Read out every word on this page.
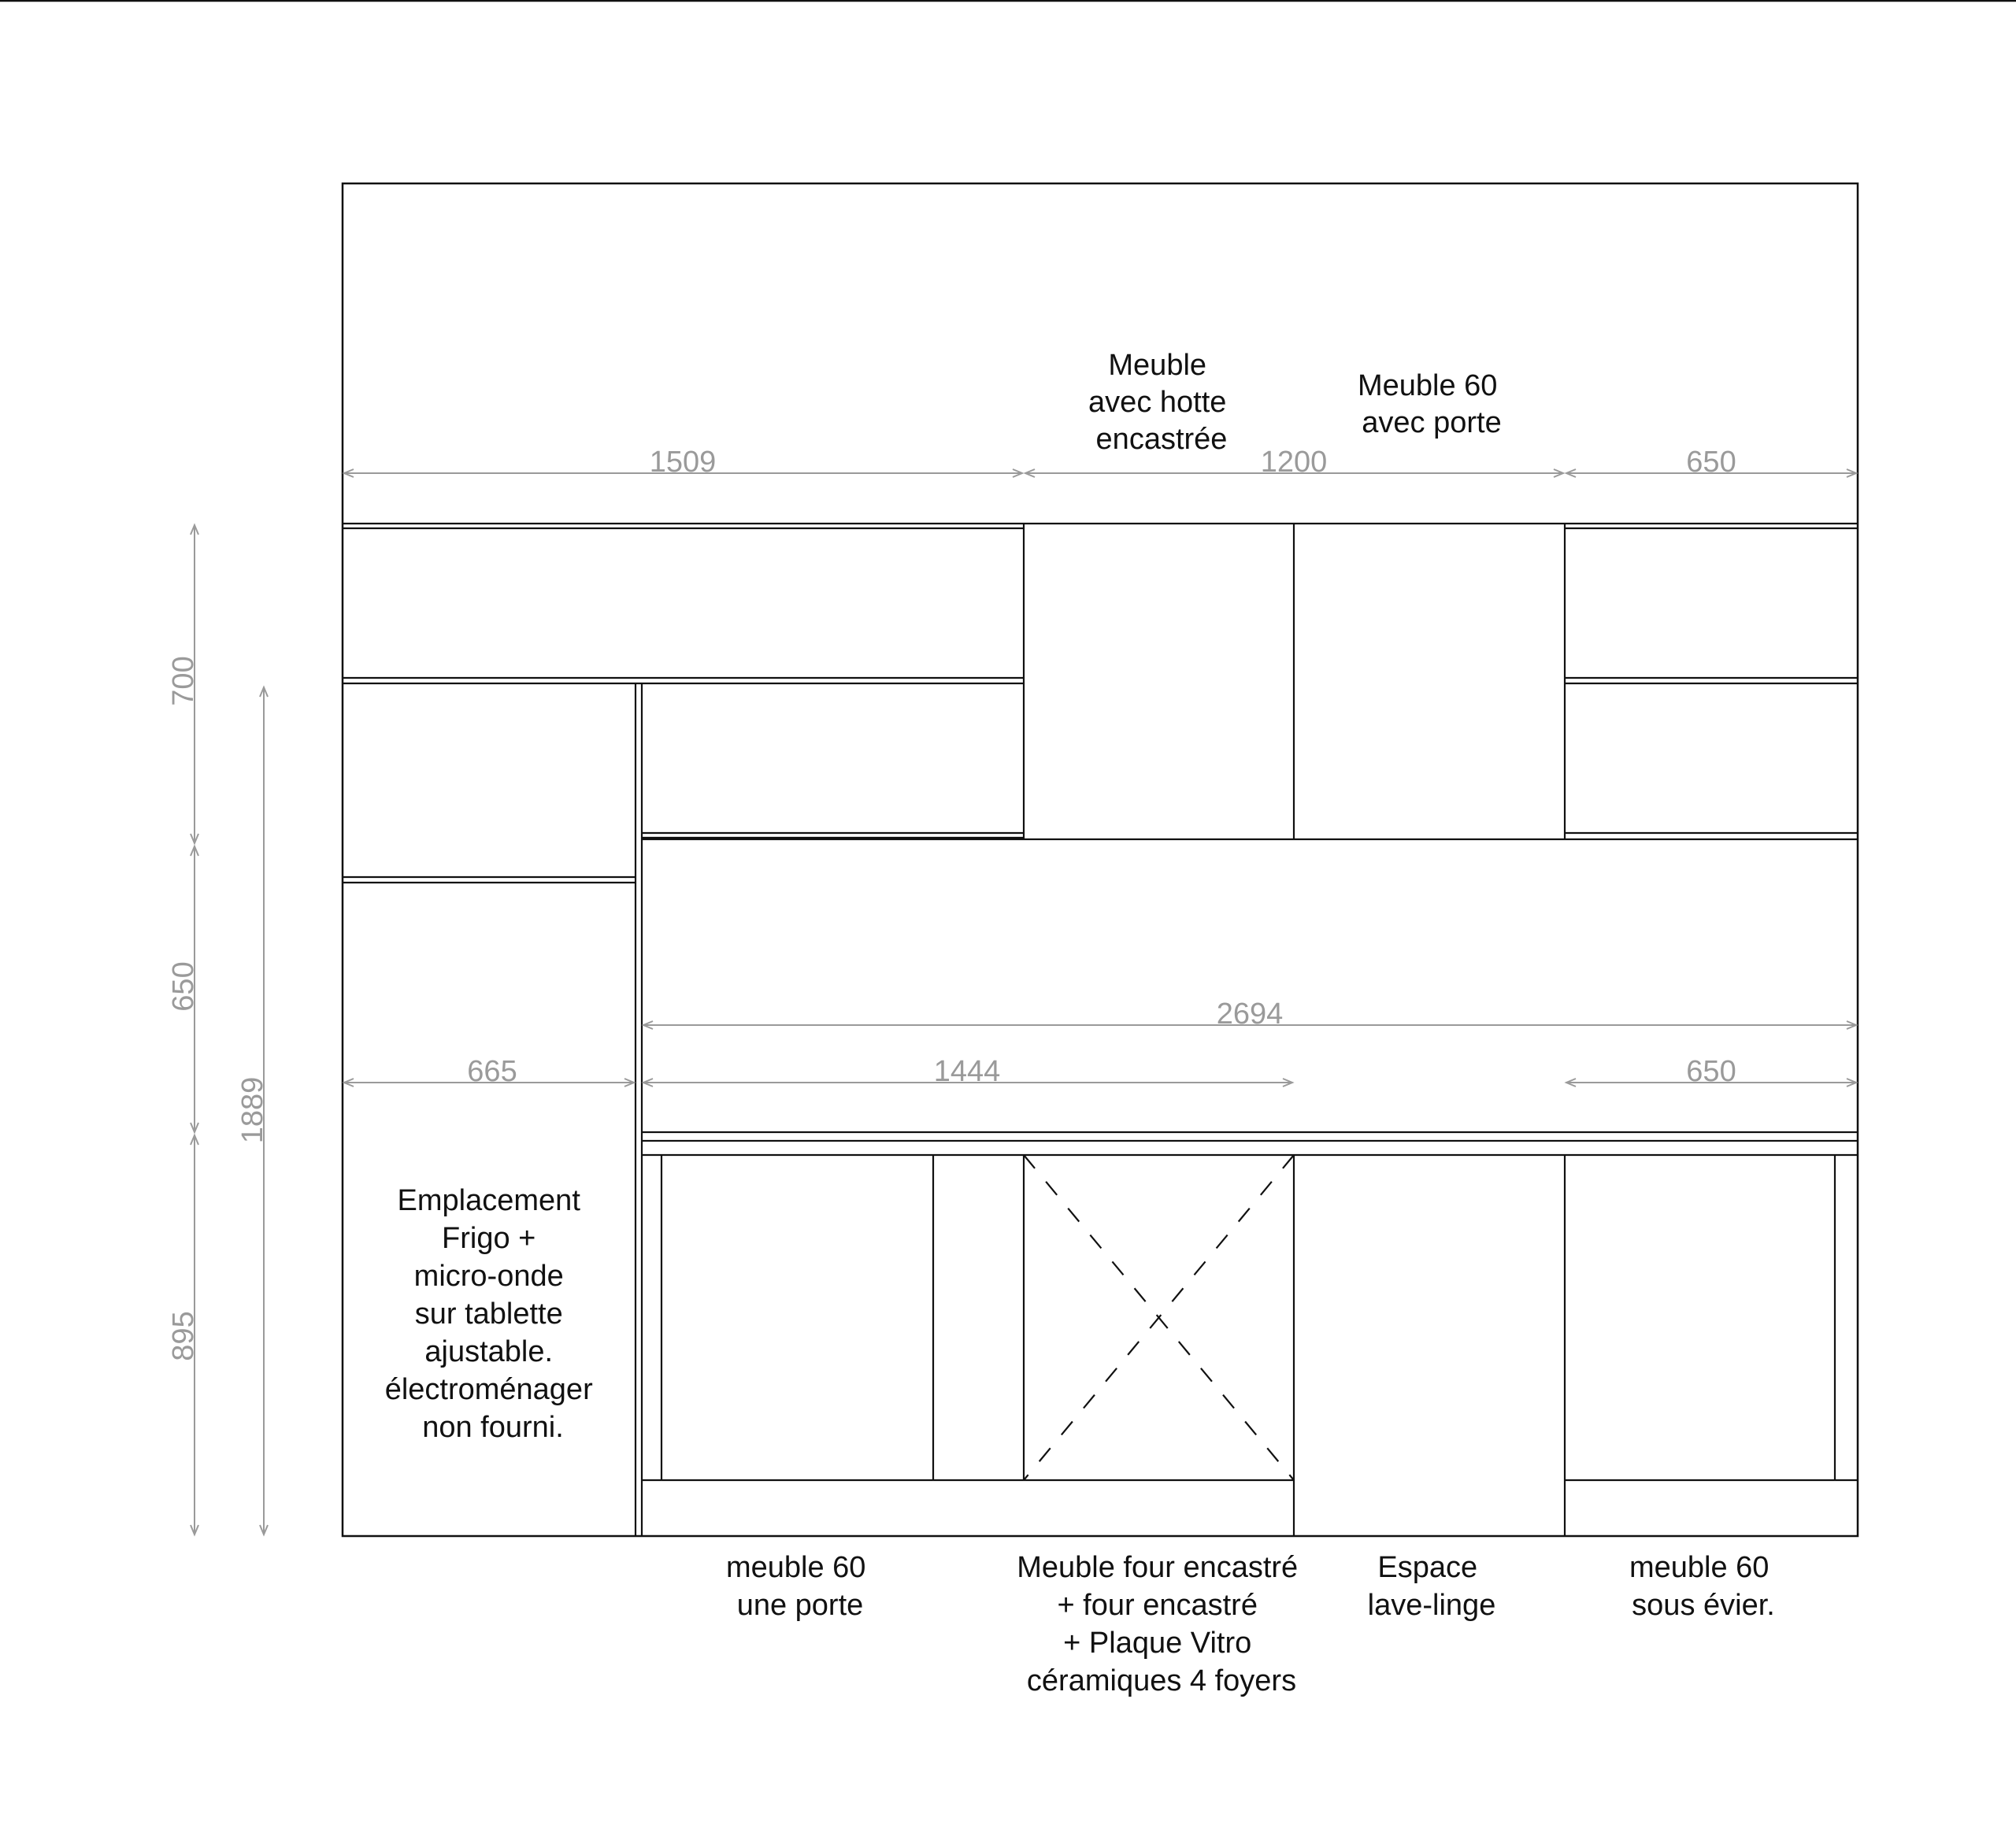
1509	1200	650
2694
665	1444	650
700
650
895
1889
Meuble avec hotte encastrée
Meuble 60 avec porte
Emplacement Frigo + micro-onde sur tablette ajustable. électroménager non fourni.
meuble 60 une porte
Meuble four encastré + four encastré + Plaque Vitro céramiques 4 foyers
Espace lave-linge
meuble 60 sous évier.
